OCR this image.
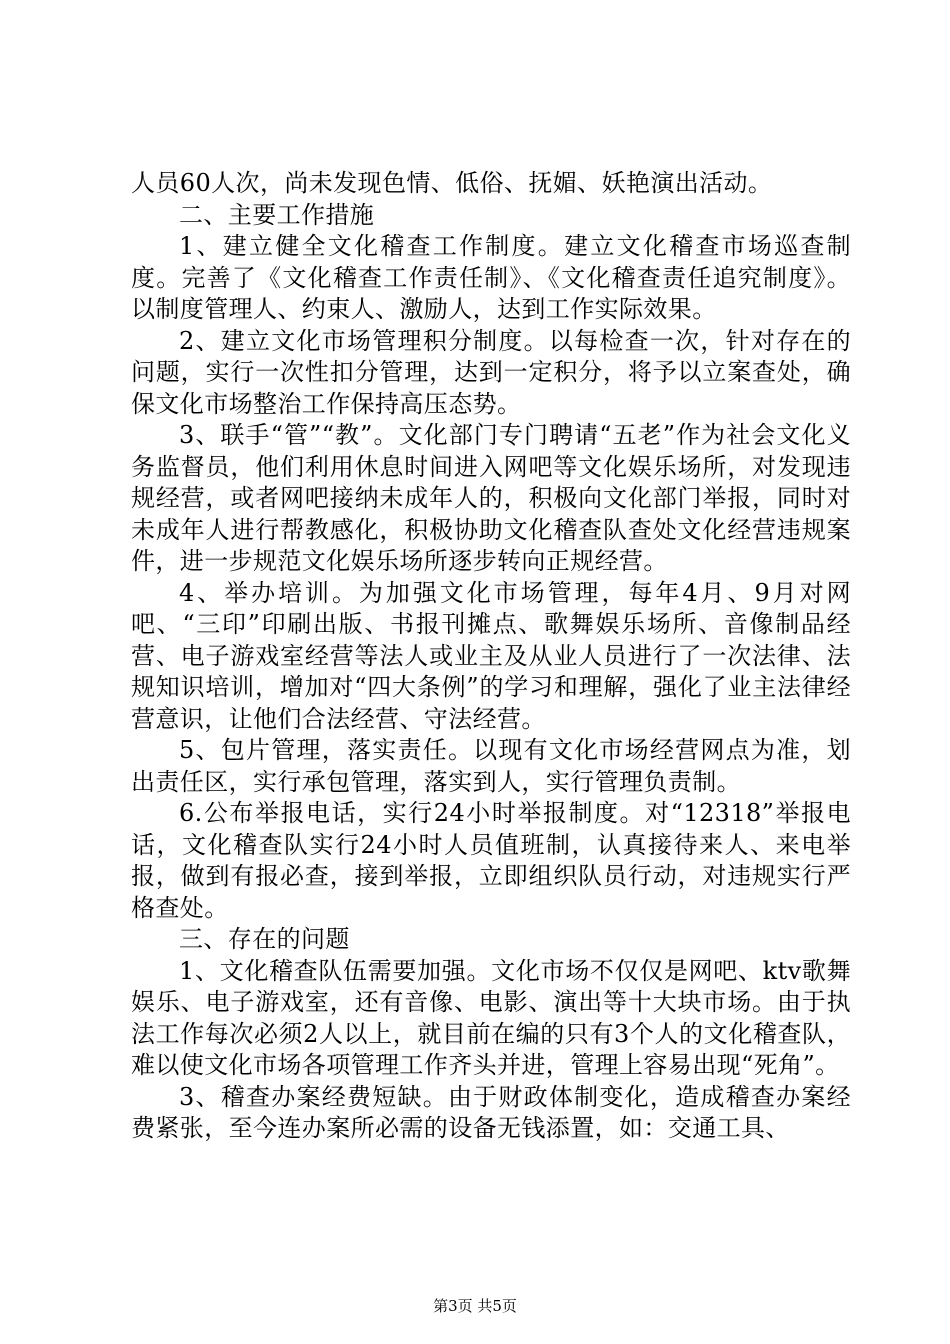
人员60人次，尚未发现色情、低俗、抚媚、妖艳演出活动。

二、主要工作措施

1、建立健全文化稽查工作制度。建立文化稽查市场巡查制度。完善了《文化稽查工作责任制》、《文化稽查责任追究制度》。以制度管理人、约束人、激励人，达到工作实际效果。

2、建立文化市场管理积分制度。以每检查一次，针对存在的问题，实行一次性扣分管理，达到一定积分，将予以立案查处，确保文化市场整治工作保持高压态势。

3、联手“管”“教”。文化部门专门聘请“五老”作为社会文化义务监督员，他们利用休息时间进入网吧等文化娱乐场所，对发现违规经营，或者网吧接纳未成年人的，积极向文化部门举报，同时对未成年人进行帮教感化，积极协助文化稽查队查处文化经营违规案件，进一步规范文化娱乐场所逐步转向正规经营。

4、举办培训。为加强文化市场管理，每年4月、9月对网吧、“三印”印刷出版、书报刊摊点、歌舞娱乐场所、音像制品经营、电子游戏室经营等法人或业主及从业人员进行了一次法律、法规知识培训，增加对“四大条例”的学习和理解，强化了业主法律经营意识，让他们合法经营、守法经营。

5、包片管理，落实责任。以现有文化市场经营网点为准，划出责任区，实行承包管理，落实到人，实行管理负责制。

6.公布举报电话，实行24小时举报制度。对“12318”举报电话，文化稽查队实行24小时人员值班制，认真接待来人、来电举报，做到有报必查，接到举报，立即组织队员行动，对违规实行严格查处。

三、存在的问题

1、文化稽查队伍需要加强。文化市场不仅仅是网吧、ktv歌舞娱乐、电子游戏室，还有音像、电影、演出等十大块市场。由于执法工作每次必须2人以上，就目前在编的只有3个人的文化稽查队，难以使文化市场各项管理工作齐头并进，管理上容易出现“死角”。

3、稽查办案经费短缺。由于财政体制变化，造成稽查办案经费紧张，至今连办案所必需的设备无钱添置，如：交通工具、

第3页 共5页
